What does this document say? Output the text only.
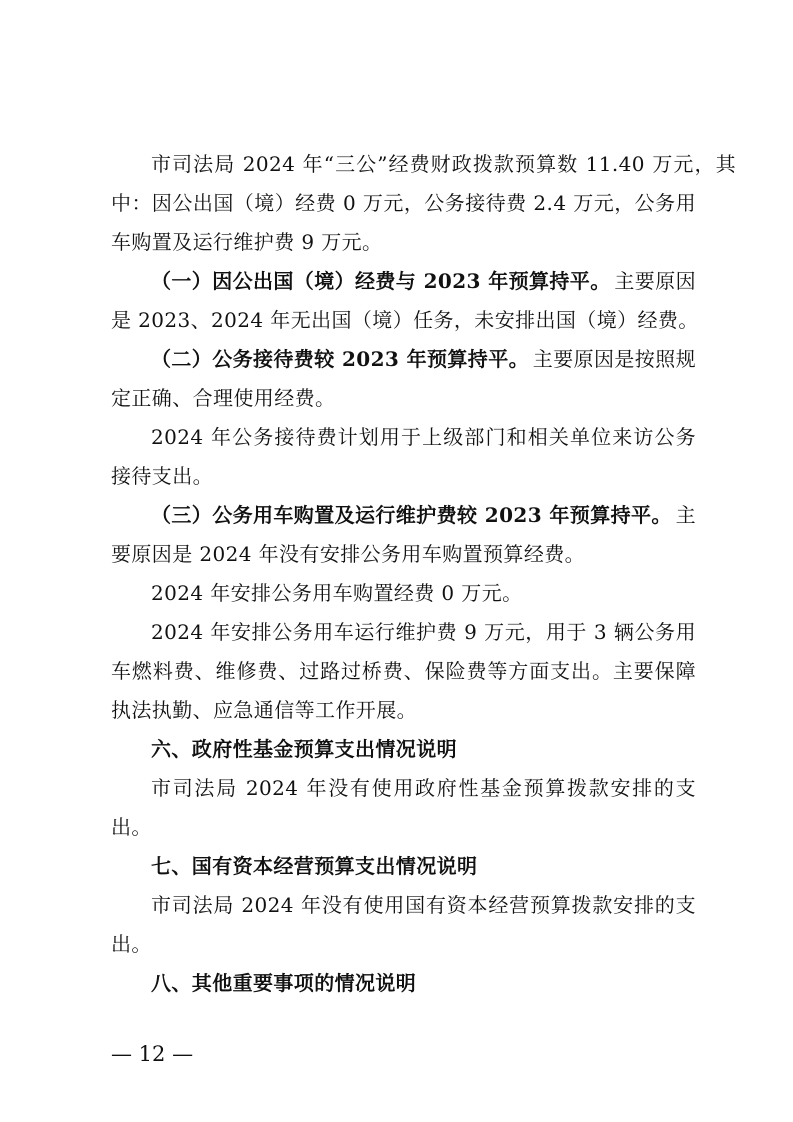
市司法局 2024 年“三公”经费财政拨款预算数 11.40 万元，其

中：因公出国（境）经费 0 万元，公务接待费 2.4 万元，公务用

车购置及运行维护费 9 万元。

（一）因公出国（境）经费与 2023 年预算持平。 主要原因

是 2023、2024 年无出国（境）任务，未安排出国（境）经费。

（二）公务接待费较 2023 年预算持平。 主要原因是按照规

定正确、合理使用经费。

2024 年公务接待费计划用于上级部门和相关单位来访公务

接待支出。

（三）公务用车购置及运行维护费较 2023 年预算持平。 主

要原因是 2024 年没有安排公务用车购置预算经费。

2024 年安排公务用车购置经费 0 万元。

2024 年安排公务用车运行维护费 9 万元，用于 3 辆公务用

车燃料费、维修费、过路过桥费、保险费等方面支出。主要保障

执法执勤、应急通信等工作开展。

六、政府性基金预算支出情况说明

市司法局 2024 年没有使用政府性基金预算拨款安排的支

出。

七、国有资本经营预算支出情况说明

市司法局 2024 年没有使用国有资本经营预算拨款安排的支

出。

八、其他重要事项的情况说明

— 12 —
